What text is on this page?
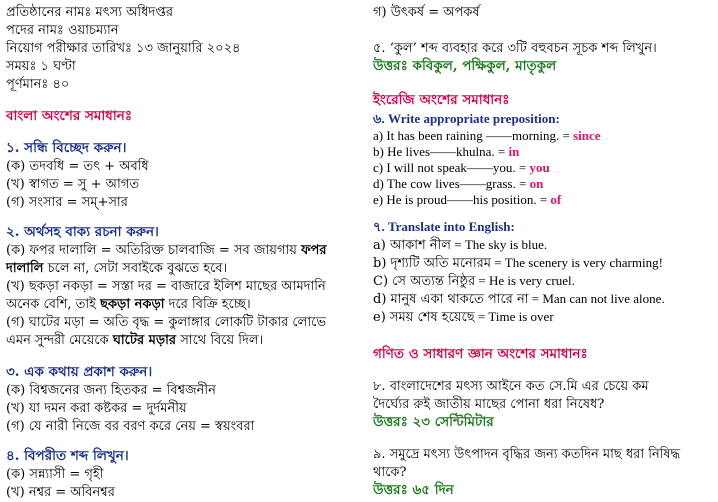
প্রতিষ্ঠানের নামঃ মৎস্য অধিদপ্তর
পদের নামঃ ওয়াচম্যান
নিয়োগ পরীক্ষার তারিখঃ ১৩ জানুয়ারি ২০২৪
সময়ঃ ১ ঘণ্টা
পূর্ণমানঃ ৪০
বাংলা অংশের সমাধানঃ
১. সন্ধি বিচ্ছেদ করুন।
(ক) তদবধি = তৎ + অবধি
(খ) স্বাগত = সু + আগত
(গ) সংসার = সম্‌+সার
২. অর্থসহ বাক্য রচনা করুন।
(ক) ফপর দালালি = অতিরিক্ত চালবাজি = সব জায়গায় ফপর
দালালি চলে না, সেটা সবাইকে বুঝতে হবে।
(খ) ছকড়া নকড়া = সস্তা দর = বাজারে ইলিশ মাছের আমদানি
অনেক বেশি, তাই ছকড়া নকড়া দরে বিক্রি হচ্ছে।
(গ) ঘাটের মড়া = অতি বৃদ্ধ = কুলাঙ্গার লোকটি টাকার লোভে
এমন সুন্দরী মেয়েকে ঘাটের মড়ার সাথে বিয়ে দিল।
৩. এক কথায় প্রকাশ করুন।
(ক) বিশ্বজনের জন্য হিতকর = বিশ্বজনীন
(খ) যা দমন করা কষ্টকর = দুর্দমনীয়
(গ) যে নারী নিজে বর বরণ করে নেয় = স্বয়ংবরা
৪. বিপরীত শব্দ লিখুন।
(ক) সন্ন্যাসী = গৃহী
(খ) নশ্বর = অবিনশ্বর
গ) উৎকর্ষ = অপকর্ষ
৫. ‘কুল’ শব্দ ব্যবহার করে ৩টি বহুবচন সূচক শব্দ লিখুন।
উত্তরঃ কবিকুল, পক্ষিকুল, মাতৃকুল
ইংরেজি অংশের সমাধানঃ
৬. Write appropriate preposition:
a) It has been raining ——morning. = since
b) He lives——khulna. = in
c) I will not speak——you. = you
d) The cow lives——grass. = on
e) He is proud——his position. = of
৭. Translate into English:
a) আকাশ নীল = The sky is blue.
b) দৃশ্যটি অতি মনোরম = The scenery is very charming!
C) সে অত্যন্ত নিষ্ঠুর = He is very cruel.
d) মানুষ একা থাকতে পারে না = Man can not live alone.
e) সময় শেষ হয়েছে = Time is over
গণিত ও সাধারণ জ্ঞান অংশের সমাধানঃ
৮. বাংলাদেশের মৎস্য আইনে কত সে.মি এর চেয়ে কম
দৈর্ঘ্যের রুই জাতীয় মাছের পোনা ধরা নিষেধ?
উত্তরঃ ২৩ সেন্টিমিটার
৯. সমুদ্রে মৎস্য উৎপাদন বৃদ্ধির জন্য কতদিন মাছ ধরা নিষিদ্ধ
থাকে?
উত্তরঃ ৬৫ দিন
